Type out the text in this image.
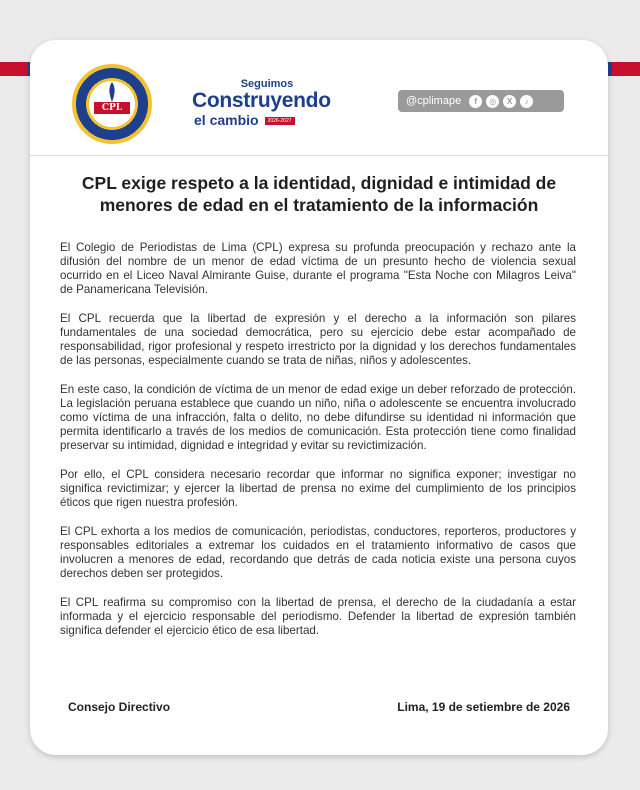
CPL
Seguimos
Construyendo
el cambio 2026-2027
@cplimape	f	◎	X	♪
CPL exige respeto a la identidad, dignidad e intimidad de menores de edad en el tratamiento de la información

El Colegio de Periodistas de Lima (CPL) expresa su profunda preocupación y rechazo ante la difusión del nombre de un menor de edad víctima de un presunto hecho de violencia sexual ocurrido en el Liceo Naval Almirante Guise, durante el programa "Esta Noche con Milagros Leiva" de Panamericana Televisión.

El CPL recuerda que la libertad de expresión y el derecho a la información son pilares fundamentales de una sociedad democrática, pero su ejercicio debe estar acompañado de responsabilidad, rigor profesional y respeto irrestricto por la dignidad y los derechos fundamentales de las personas, especialmente cuando se trata de niñas, niños y adolescentes.

En este caso, la condición de víctima de un menor de edad exige un deber reforzado de protección. La legislación peruana establece que cuando un niño, niña o adolescente se encuentra involucrado como víctima de una infracción, falta o delito, no debe difundirse su identidad ni información que permita identificarlo a través de los medios de comunicación. Esta protección tiene como finalidad preservar su intimidad, dignidad e integridad y evitar su revictimización.

Por ello, el CPL considera necesario recordar que informar no significa exponer; investigar no significa revictimizar; y ejercer la libertad de prensa no exime del cumplimiento de los principios éticos que rigen nuestra profesión.

El CPL exhorta a los medios de comunicación, periodistas, conductores, reporteros, productores y responsables editoriales a extremar los cuidados en el tratamiento informativo de casos que involucren a menores de edad, recordando que detrás de cada noticia existe una persona cuyos derechos deben ser protegidos.

El CPL reafirma su compromiso con la libertad de prensa, el derecho de la ciudadanía a estar informada y el ejercicio responsable del periodismo. Defender la libertad de expresión también significa defender el ejercicio ético de esa libertad.

Consejo Directivo	Lima, 19 de setiembre de 2026
